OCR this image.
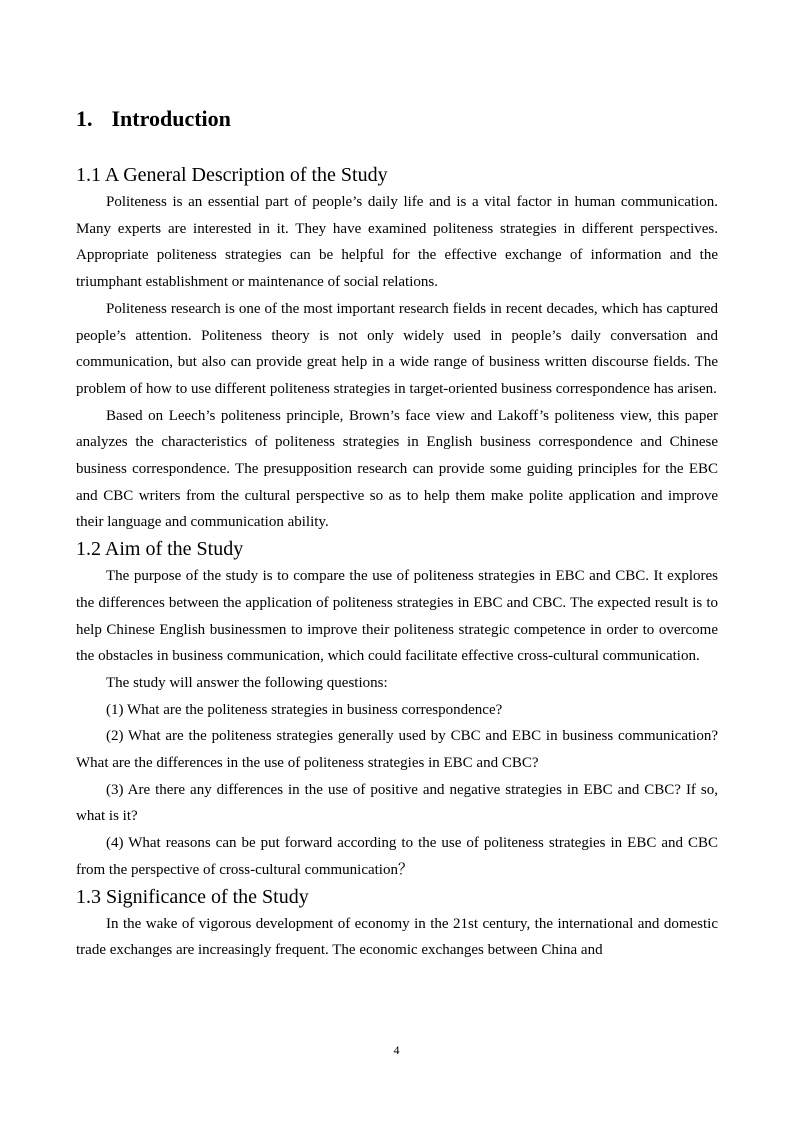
1. Introduction
1.1 A General Description of the Study

Politeness is an essential part of people’s daily life and is a vital factor in human communication. Many experts are interested in it. They have examined politeness strategies in different perspectives. Appropriate politeness strategies can be helpful for the effective exchange of information and the triumphant establishment or maintenance of social relations.

Politeness research is one of the most important research fields in recent decades, which has captured people’s attention. Politeness theory is not only widely used in people’s daily conversation and communication, but also can provide great help in a wide range of business written discourse fields. The problem of how to use different politeness strategies in target-oriented business correspondence has arisen.

Based on Leech’s politeness principle, Brown’s face view and Lakoff’s politeness view, this paper analyzes the characteristics of politeness strategies in English business correspondence and Chinese business correspondence. The presupposition research can provide some guiding principles for the EBC and CBC writers from the cultural perspective so as to help them make polite application and improve their language and communication ability.

1.2 Aim of the Study

The purpose of the study is to compare the use of politeness strategies in EBC and CBC. It explores the differences between the application of politeness strategies in EBC and CBC. The expected result is to help Chinese English businessmen to improve their politeness strategic competence in order to overcome the obstacles in business communication, which could facilitate effective cross-cultural communication.

The study will answer the following questions:

(1) What are the politeness strategies in business correspondence?

(2) What are the politeness strategies generally used by CBC and EBC in business communication? What are the differences in the use of politeness strategies in EBC and CBC?

(3) Are there any differences in the use of positive and negative strategies in EBC and CBC? If so, what is it?

(4) What reasons can be put forward according to the use of politeness strategies in EBC and CBC from the perspective of cross-cultural communication？

1.3 Significance of the Study

In the wake of vigorous development of economy in the 21st century, the international and domestic trade exchanges are increasingly frequent. The economic exchanges between China and

4
